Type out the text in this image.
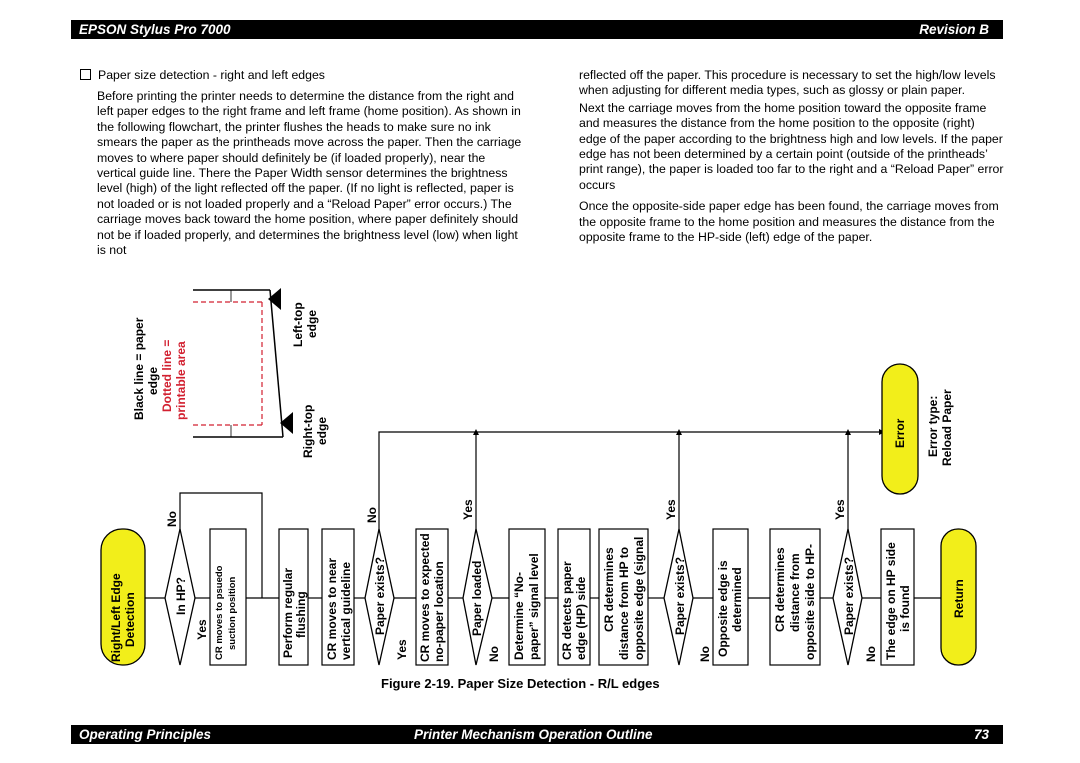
EPSON Stylus Pro 7000	Revision B
Paper size detection - right and left edges

Before printing the printer needs to determine the distance from the right and left paper edges to the right frame and left frame (home position). As shown in the following flowchart, the printer flushes the heads to make sure no ink smears the paper as the printheads move across the paper. Then the carriage moves to where paper should definitely be (if loaded properly), near the vertical guide line. There the Paper Width sensor determines the brightness level (high) of the light reflected off the paper. (If no light is reflected, paper is not loaded or is not loaded properly and a “Reload Paper” error occurs.) The carriage moves back toward the home position, where paper definitely should not be if loaded properly, and determines the brightness level (low) when light is not

reflected off the paper. This procedure is necessary to set the high/low levels when adjusting for different media types, such as glossy or plain paper.

Next the carriage moves from the home position toward the opposite frame and measures the distance from the home position to the opposite (right) edge of the paper according to the brightness high and low levels. If the paper edge has not been determined by a certain point (outside of the printheads’ print range), the paper is loaded too far to the right and a “Reload Paper” error occurs

Once the opposite-side paper edge has been found, the carriage moves from the opposite frame to the home position and measures the distance from the opposite frame to the HP-side (left) edge of the paper.

Black line = paper edge Dotted line = printable area
Left-top edge
Right-top edge
Right/Left Edge Detection	In HP?
No
Yes CR moves to psuedo suction position	Perform regular flushing CR moves to near vertical guideline Paper exists?
No
Yes CR moves to expected no-paper location Paper loaded
Yes
No Determine “No- paper” signal level CR detects paper edge (HP) side CR determines distance from HP to opposite edge (signal Paper exists?
Yes
No Opposite edge is determined CR determines distance from opposite side to HP- Paper exists?
Yes
No The edge on HP side is found	Return
Error Error type: Reload Paper
Figure 2-19. Paper Size Detection - R/L edges
Operating Principles	Printer Mechanism Operation Outline	73
